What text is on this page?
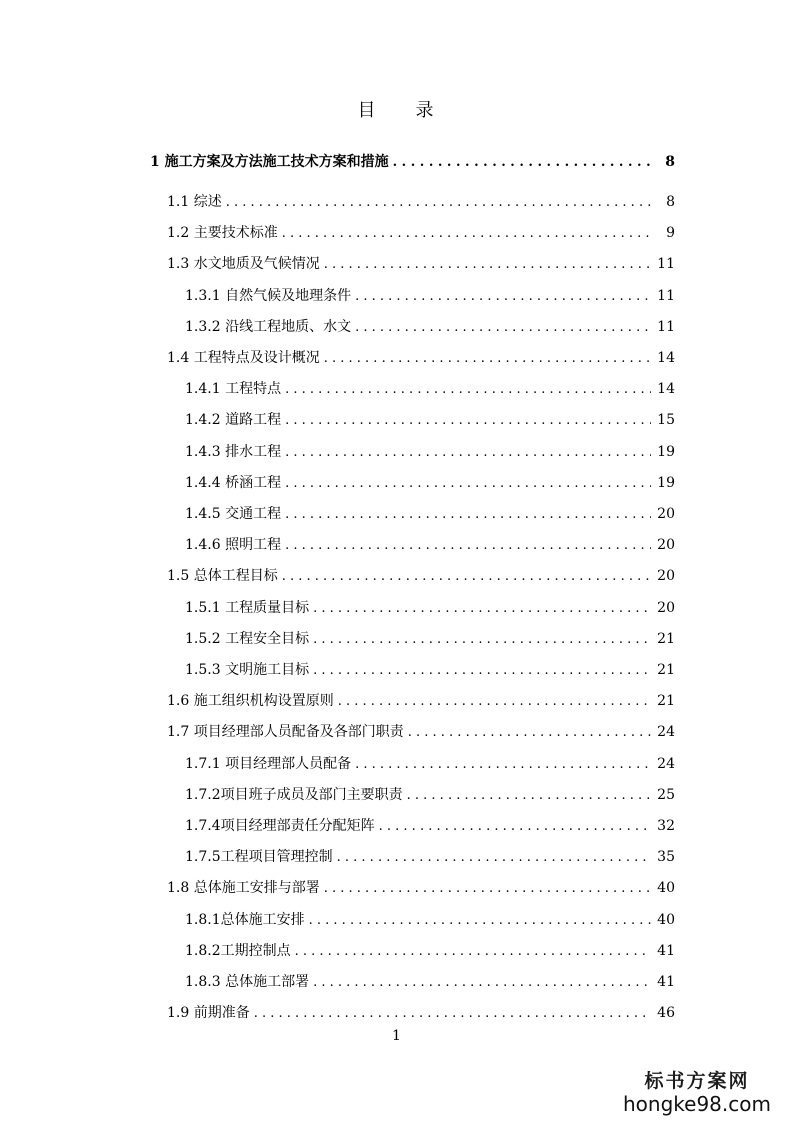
目 录
1 施工方案及方法施工技术方案和措施 . . .	8
1.1 综述 . . .	8
1.2 主要技术标准 . . .	9
1.3 水文地质及气候情况 . . .	11
1.3.1 自然气候及地理条件 . . .	11
1.3.2 沿线工程地质、水文 . . .	11
1.4 工程特点及设计概况 . . .	14
1.4.1 工程特点 . . .	14
1.4.2 道路工程 . . .	15
1.4.3 排水工程 . . .	19
1.4.4 桥涵工程 . . .	19
1.4.5 交通工程 . . .	20
1.4.6 照明工程 . . .	20
1.5 总体工程目标 . . .	20
1.5.1 工程质量目标 . . .	20
1.5.2 工程安全目标 . . .	21
1.5.3 文明施工目标 . . .	21
1.6 施工组织机构设置原则 . . .	21
1.7 项目经理部人员配备及各部门职责 . . .	24
1.7.1 项目经理部人员配备 . . .	24
1.7.2 项目班子成员及部门主要职责 . . .	25
1.7.4 项目经理部责任分配矩阵 . . .	32
1.7.5 工程项目管理控制 . . .	35
1.8 总体施工安排与部署 . . .	40
1.8.1 总体施工安排 . . .	40
1.8.2 工期控制点 . . .	41
1.8.3 总体施工部署 . . .	41
1.9 前期准备 . . .	46
1
标书方案网
hongke98.com
